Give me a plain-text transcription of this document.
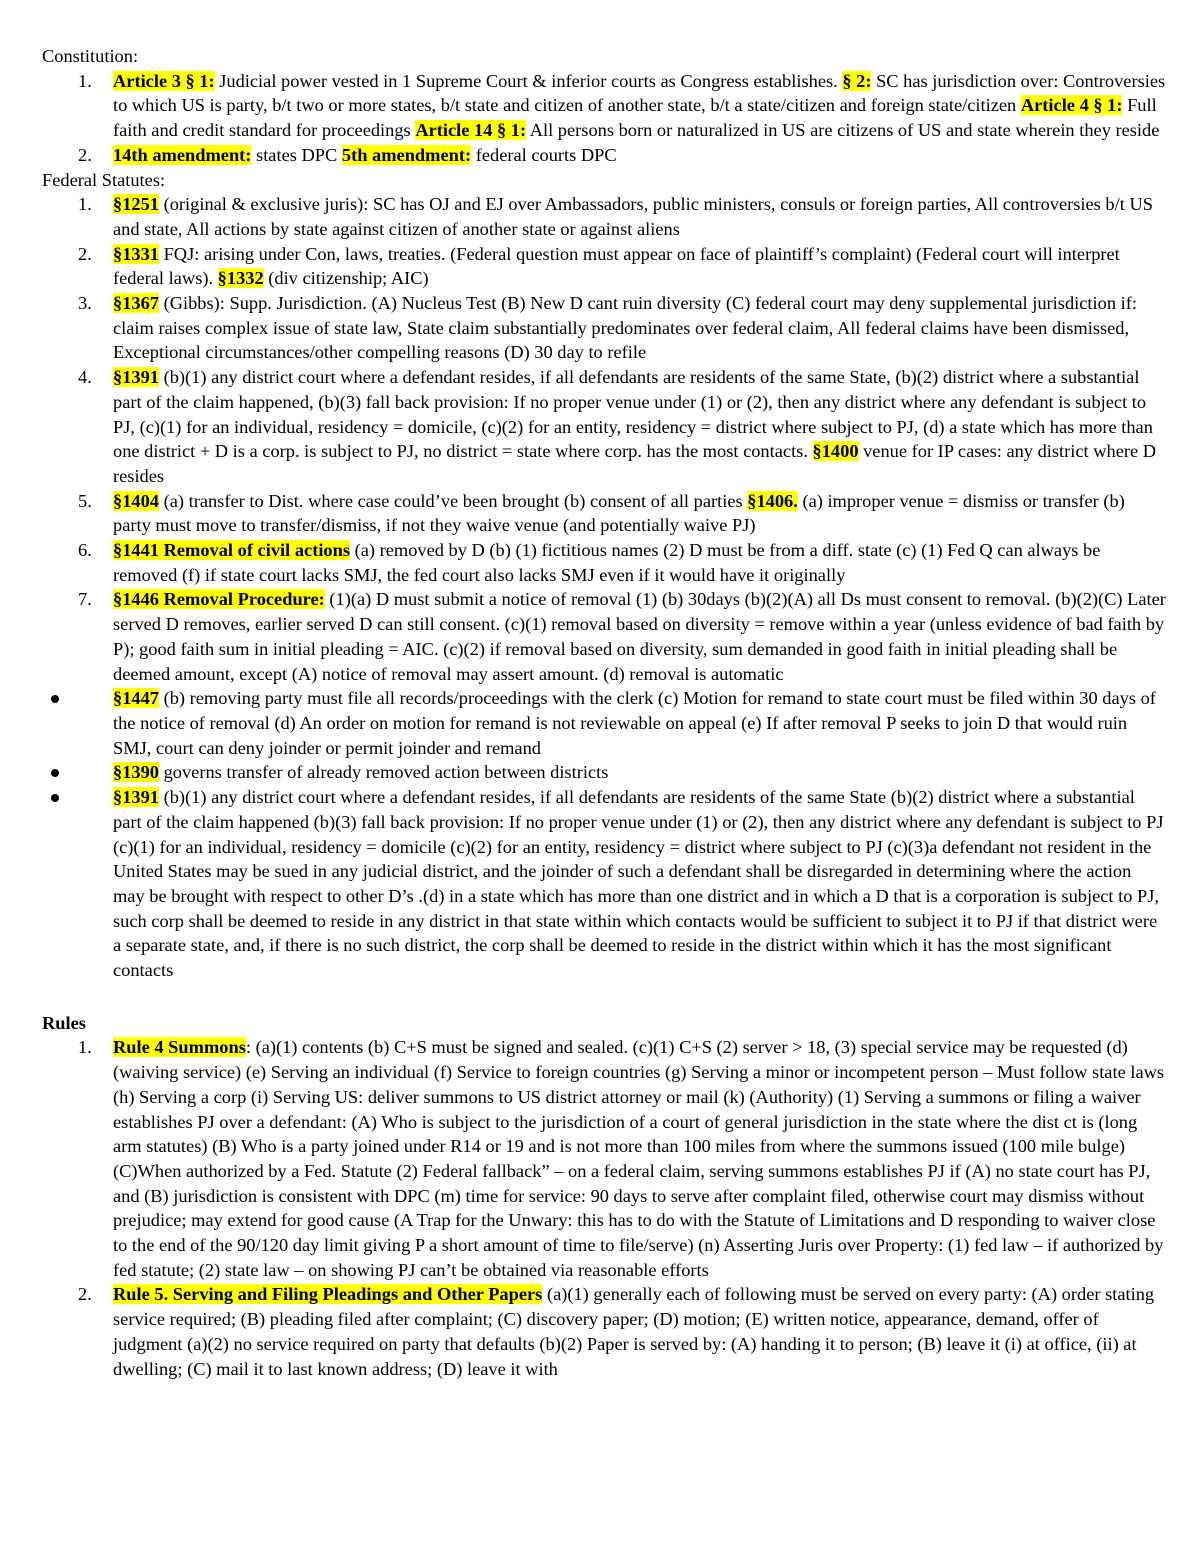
Constitution:
1. Article 3 § 1: Judicial power vested in 1 Supreme Court & inferior courts as Congress establishes. § 2: SC has jurisdiction over: Controversies to which US is party, b/t two or more states, b/t state and citizen of another state, b/t a state/citizen and foreign state/citizen Article 4 § 1: Full faith and credit standard for proceedings Article 14 § 1: All persons born or naturalized in US are citizens of US and state wherein they reside
2. 14th amendment: states DPC 5th amendment: federal courts DPC
Federal Statutes:
1. §1251 (original & exclusive juris): SC has OJ and EJ over Ambassadors, public ministers, consuls or foreign parties, All controversies b/t US and state, All actions by state against citizen of another state or against aliens
2. §1331 FQJ: arising under Con, laws, treaties. (Federal question must appear on face of plaintiff’s complaint) (Federal court will interpret federal laws). §1332 (div citizenship; AIC)
3. §1367 (Gibbs): Supp. Jurisdiction. (A) Nucleus Test (B) New D cant ruin diversity (C) federal court may deny supplemental jurisdiction if: claim raises complex issue of state law, State claim substantially predominates over federal claim, All federal claims have been dismissed, Exceptional circumstances/other compelling reasons (D) 30 day to refile
4. §1391 (b)(1) any district court where a defendant resides, if all defendants are residents of the same State, (b)(2) district where a substantial part of the claim happened, (b)(3) fall back provision: If no proper venue under (1) or (2), then any district where any defendant is subject to PJ, (c)(1) for an individual, residency = domicile, (c)(2) for an entity, residency = district where subject to PJ, (d) a state which has more than one district + D is a corp. is subject to PJ, no district = state where corp. has the most contacts. §1400 venue for IP cases: any district where D resides
5. §1404 (a) transfer to Dist. where case could’ve been brought (b) consent of all parties §1406. (a) improper venue = dismiss or transfer (b) party must move to transfer/dismiss, if not they waive venue (and potentially waive PJ)
6. §1441 Removal of civil actions (a) removed by D (b) (1) fictitious names (2) D must be from a diff. state (c) (1) Fed Q can always be removed (f) if state court lacks SMJ, the fed court also lacks SMJ even if it would have it originally
7. §1446 Removal Procedure: (1)(a) D must submit a notice of removal (1) (b) 30days (b)(2)(A) all Ds must consent to removal. (b)(2)(C) Later served D removes, earlier served D can still consent. (c)(1) removal based on diversity = remove within a year (unless evidence of bad faith by P); good faith sum in initial pleading = AIC. (c)(2) if removal based on diversity, sum demanded in good faith in initial pleading shall be deemed amount, except (A) notice of removal may assert amount. (d) removal is automatic
§1447 (b) removing party must file all records/proceedings with the clerk (c) Motion for remand to state court must be filed within 30 days of the notice of removal (d) An order on motion for remand is not reviewable on appeal (e) If after removal P seeks to join D that would ruin SMJ, court can deny joinder or permit joinder and remand
§1390 governs transfer of already removed action between districts
§1391 (b)(1) any district court where a defendant resides, if all defendants are residents of the same State (b)(2) district where a substantial part of the claim happened (b)(3) fall back provision: If no proper venue under (1) or (2), then any district where any defendant is subject to PJ (c)(1) for an individual, residency = domicile (c)(2) for an entity, residency = district where subject to PJ (c)(3)a defendant not resident in the United States may be sued in any judicial district, and the joinder of such a defendant shall be disregarded in determining where the action may be brought with respect to other D’s .(d) in a state which has more than one district and in which a D that is a corporation is subject to PJ, such corp shall be deemed to reside in any district in that state within which contacts would be sufficient to subject it to PJ if that district were a separate state, and, if there is no such district, the corp shall be deemed to reside in the district within which it has the most significant contacts
Rules
1. Rule 4 Summons: (a)(1) contents (b) C+S must be signed and sealed. (c)(1) C+S (2) server > 18, (3) special service may be requested (d) (waiving service) (e) Serving an individual (f) Service to foreign countries (g) Serving a minor or incompetent person – Must follow state laws (h) Serving a corp (i) Serving US: deliver summons to US district attorney or mail (k) (Authority) (1) Serving a summons or filing a waiver establishes PJ over a defendant: (A) Who is subject to the jurisdiction of a court of general jurisdiction in the state where the dist ct is (long arm statutes) (B) Who is a party joined under R14 or 19 and is not more than 100 miles from where the summons issued (100 mile bulge) (C)When authorized by a Fed. Statute (2) Federal fallback” – on a federal claim, serving summons establishes PJ if (A) no state court has PJ, and (B) jurisdiction is consistent with DPC (m) time for service: 90 days to serve after complaint filed, otherwise court may dismiss without prejudice; may extend for good cause (A Trap for the Unwary: this has to do with the Statute of Limitations and D responding to waiver close to the end of the 90/120 day limit giving P a short amount of time to file/serve) (n) Asserting Juris over Property: (1) fed law – if authorized by fed statute; (2) state law – on showing PJ can’t be obtained via reasonable efforts
2. Rule 5. Serving and Filing Pleadings and Other Papers (a)(1) generally each of following must be served on every party: (A) order stating service required; (B) pleading filed after complaint; (C) discovery paper; (D) motion; (E) written notice, appearance, demand, offer of judgment (a)(2) no service required on party that defaults (b)(2) Paper is served by: (A) handing it to person; (B) leave it (i) at office, (ii) at dwelling; (C) mail it to last known address; (D) leave it with
